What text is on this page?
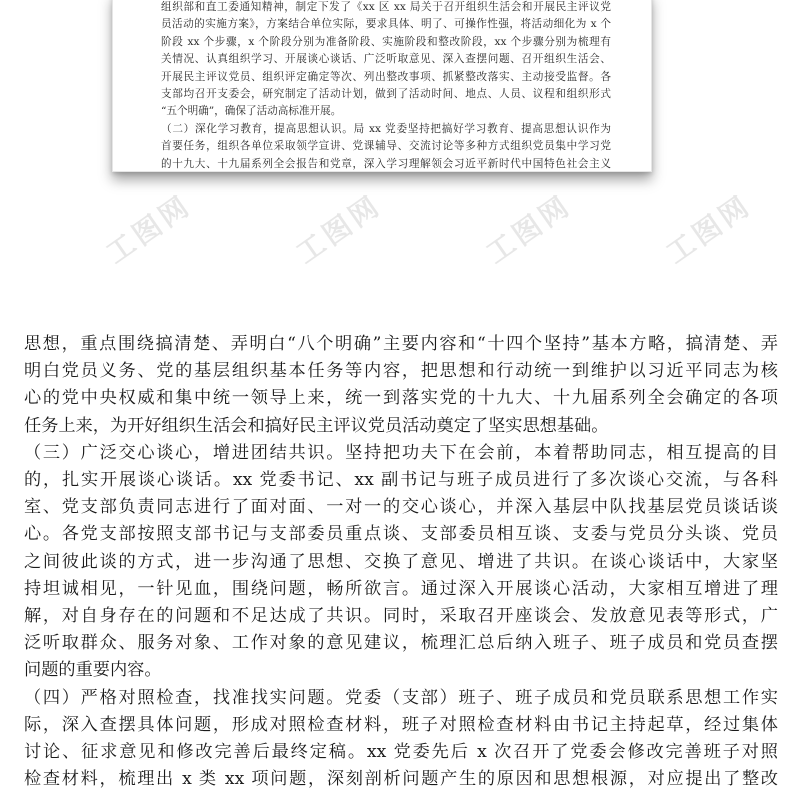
组织部和直工委通知精神，制定下发了《xx 区 xx 局关于召开组织生活会和开展民主评议党

员活动的实施方案》，方案结合单位实际，要求具体、明了、可操作性强，将活动细化为 x 个

阶段 xx 个步骤，x 个阶段分别为准备阶段、实施阶段和整改阶段，xx 个步骤分别为梳理有

关情况、认真组织学习、开展谈心谈话、广泛听取意见、深入查摆问题、召开组织生活会、

开展民主评议党员、组织评定确定等次、列出整改事项、抓紧整改落实、主动接受监督。各

支部均召开支委会，研究制定了活动计划，做到了活动时间、地点、人员、议程和组织形式

“五个明确”，确保了活动高标准开展。

（二）深化学习教育，提高思想认识。局 xx 党委坚持把搞好学习教育、提高思想认识作为

首要任务，组织各单位采取领学宣讲、党课辅导、交流讨论等多种方式组织党员集中学习党

的十九大、十九届系列全会报告和党章，深入学习理解领会习近平新时代中国特色社会主义

工图网	工图网	工图网	工图网

思想，重点围绕搞清楚、弄明白“八个明确”主要内容和“十四个坚持”基本方略，搞清楚、弄

明白党员义务、党的基层组织基本任务等内容，把思想和行动统一到维护以习近平同志为核

心的党中央权威和集中统一领导上来，统一到落实党的十九大、十九届系列全会确定的各项

任务上来，为开好组织生活会和搞好民主评议党员活动奠定了坚实思想基础。

（三）广泛交心谈心，增进团结共识。坚持把功夫下在会前，本着帮助同志，相互提高的目

的，扎实开展谈心谈话。xx 党委书记、xx 副书记与班子成员进行了多次谈心交流，与各科

室、党支部负责同志进行了面对面、一对一的交心谈心，并深入基层中队找基层党员谈话谈

心。各党支部按照支部书记与支部委员重点谈、支部委员相互谈、支委与党员分头谈、党员

之间彼此谈的方式，进一步沟通了思想、交换了意见、增进了共识。在谈心谈话中，大家坚

持坦诚相见，一针见血，围绕问题，畅所欲言。通过深入开展谈心活动，大家相互增进了理

解，对自身存在的问题和不足达成了共识。同时，采取召开座谈会、发放意见表等形式，广

泛听取群众、服务对象、工作对象的意见建议，梳理汇总后纳入班子、班子成员和党员查摆

问题的重要内容。

（四）严格对照检查，找准找实问题。党委（支部）班子、班子成员和党员联系思想工作实

际，深入查摆具体问题，形成对照检查材料，班子对照检查材料由书记主持起草，经过集体

讨论、征求意见和修改完善后最终定稿。xx 党委先后 x 次召开了党委会修改完善班子对照

检查材料，梳理出 x 类 xx 项问题，深刻剖析问题产生的原因和思想根源，对应提出了整改
